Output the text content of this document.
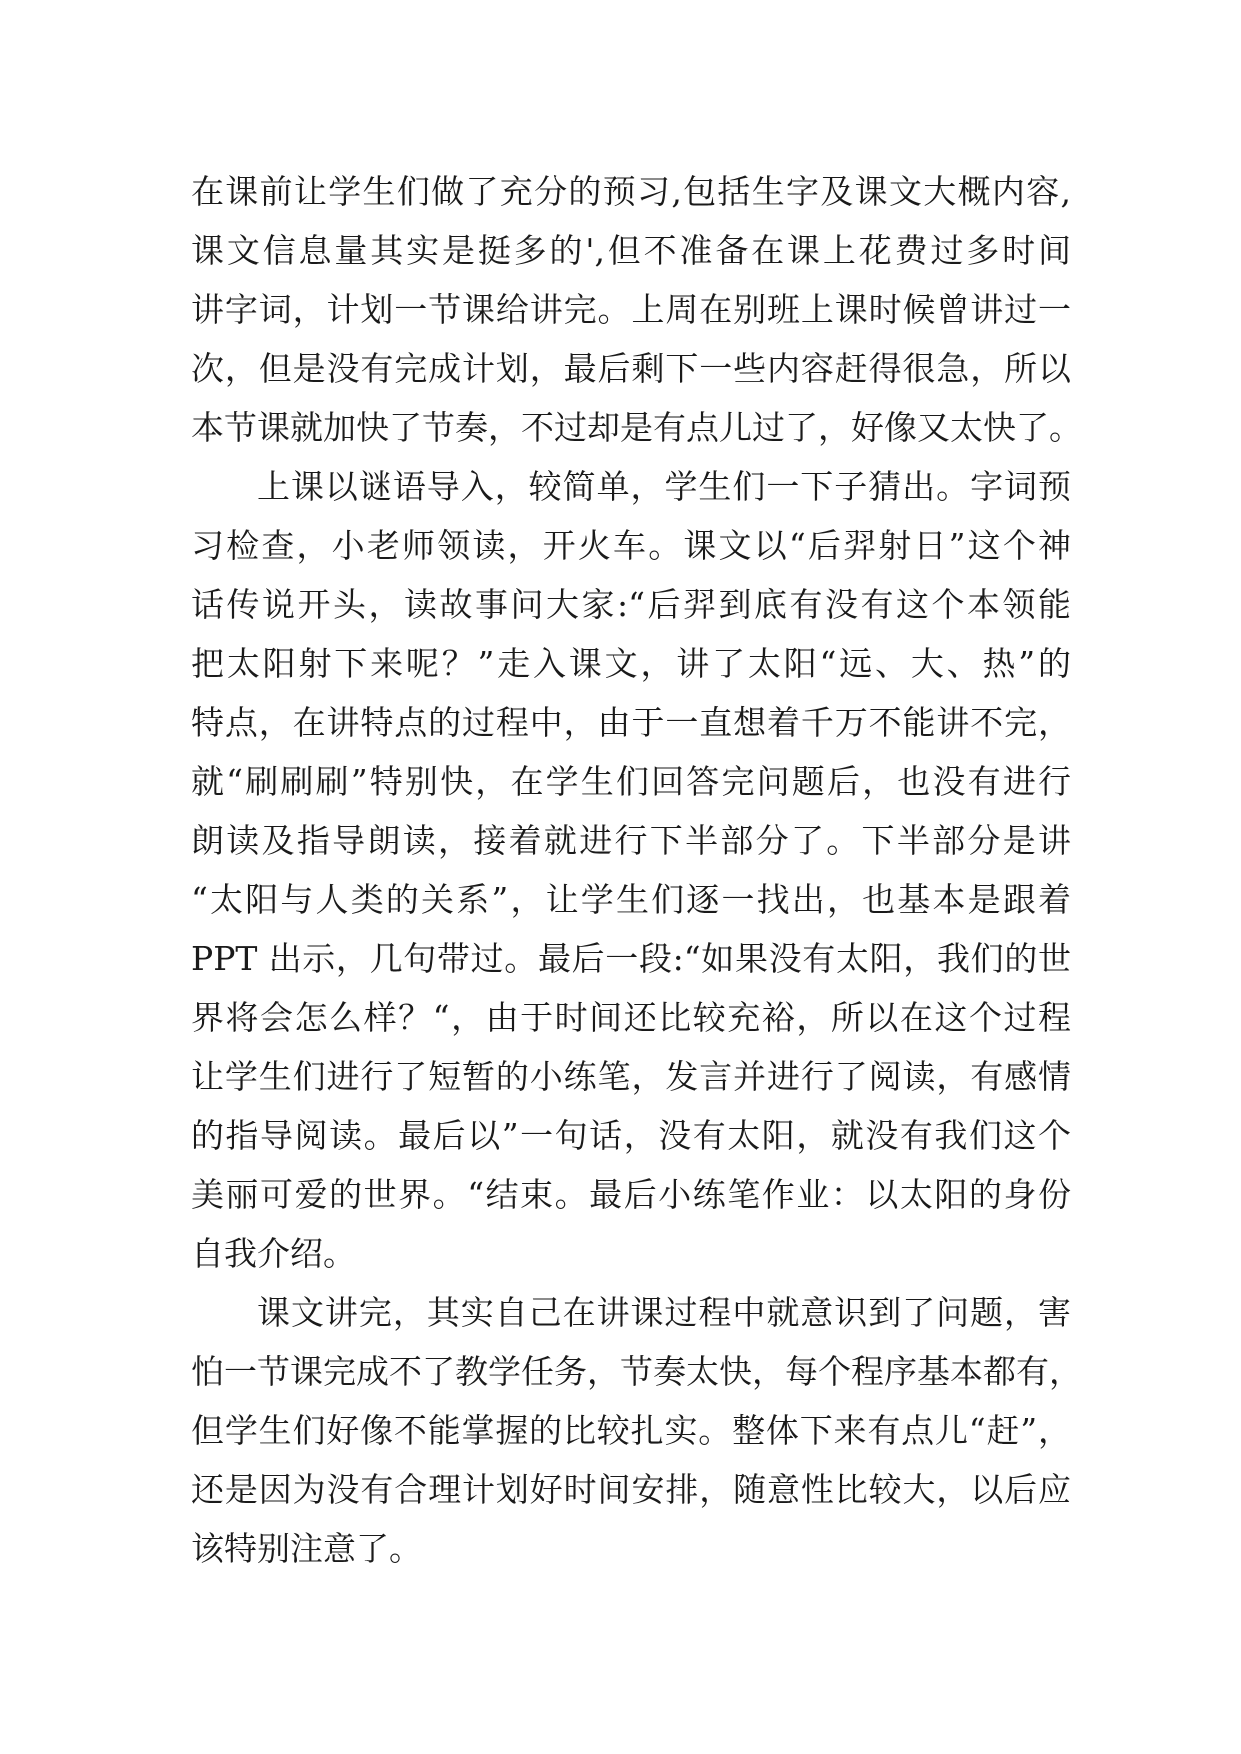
在课前让学生们做了充分的预习,包括生字及课文大概内容,
课文信息量其实是挺多的',但不准备在课上花费过多时间
讲字词，计划一节课给讲完。上周在别班上课时候曾讲过一
次，但是没有完成计划，最后剩下一些内容赶得很急，所以
本节课就加快了节奏，不过却是有点儿过了，好像又太快了。
上课以谜语导入，较简单，学生们一下子猜出。字词预
习检查，小老师领读，开火车。课文以“后羿射日”这个神
话传说开头，读故事问大家:“后羿到底有没有这个本领能
把太阳射下来呢？”走入课文，讲了太阳“远、大、热”的
特点，在讲特点的过程中，由于一直想着千万不能讲不完，
就“刷刷刷”特别快，在学生们回答完问题后，也没有进行
朗读及指导朗读，接着就进行下半部分了。下半部分是讲
“太阳与人类的关系”，让学生们逐一找出，也基本是跟着
PPT 出示，几句带过。最后一段:“如果没有太阳，我们的世
界将会怎么样？“，由于时间还比较充裕，所以在这个过程
让学生们进行了短暂的小练笔，发言并进行了阅读，有感情
的指导阅读。最后以”一句话，没有太阳，就没有我们这个
美丽可爱的世界。“结束。最后小练笔作业：以太阳的身份
自我介绍。
课文讲完，其实自己在讲课过程中就意识到了问题，害
怕一节课完成不了教学任务，节奏太快，每个程序基本都有，
但学生们好像不能掌握的比较扎实。整体下来有点儿“赶”，
还是因为没有合理计划好时间安排，随意性比较大，以后应
该特别注意了。
